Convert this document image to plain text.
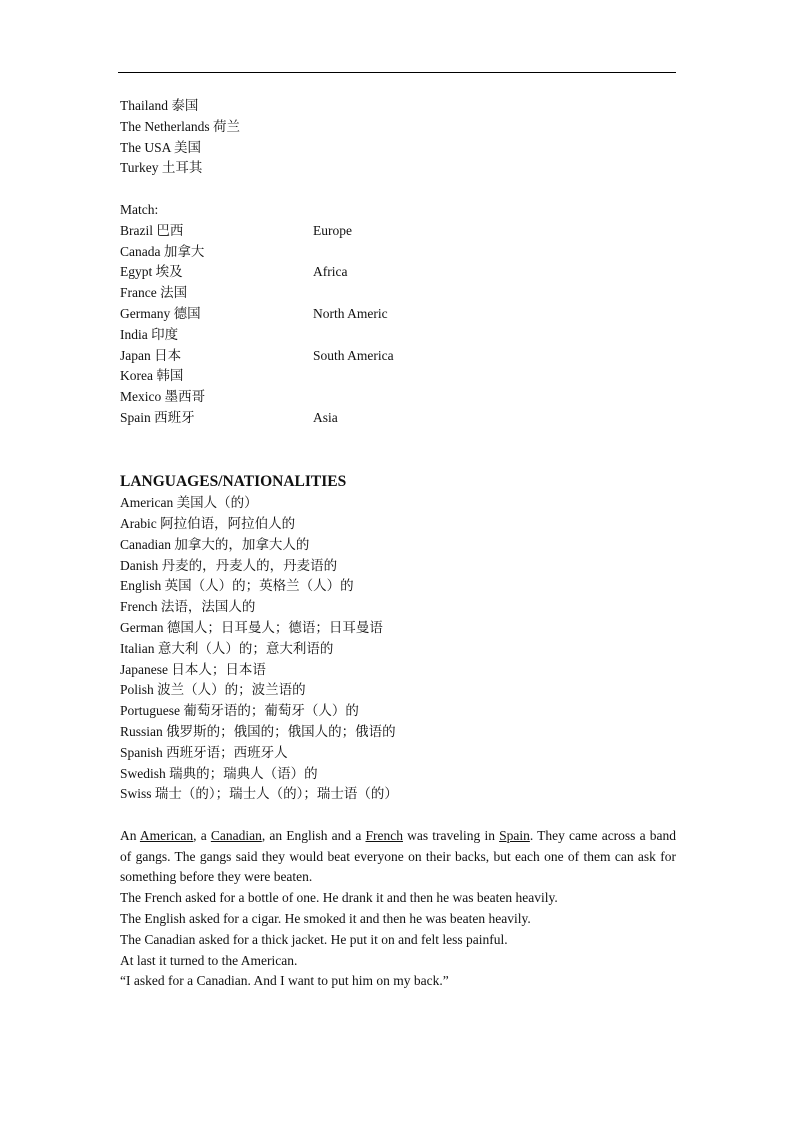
Thailand 泰国
The Netherlands 荷兰
The USA 美国
Turkey 土耳其
Match:
Brazil 巴西	Europe
Canada 加拿大
Egypt 埃及	Africa
France 法国
Germany 德国	North Americ
India 印度
Japan 日本	South America
Korea 韩国
Mexico 墨西哥
Spain 西班牙	Asia
LANGUAGES/NATIONALITIES
American 美国人（的）
Arabic 阿拉伯语，阿拉伯人的
Canadian 加拿大的，加拿大人的
Danish 丹麦的，丹麦人的，丹麦语的
English 英国（人）的；英格兰（人）的
French 法语，法国人的
German 德国人；日耳曼人；德语；日耳曼语
Italian 意大利（人）的；意大利语的
Japanese 日本人；日本语
Polish 波兰（人）的；波兰语的
Portuguese 葡萄牙语的；葡萄牙（人）的
Russian 俄罗斯的；俄国的；俄国人的；俄语的
Spanish 西班牙语；西班牙人
Swedish 瑞典的；瑞典人（语）的
Swiss 瑞士（的）；瑞士人（的）；瑞士语（的）
An American, a Canadian, an English and a French was traveling in Spain. They came across a band of gangs. The gangs said they would beat everyone on their backs, but each one of them can ask for something before they were beaten.
The French asked for a bottle of one. He drank it and then he was beaten heavily.
The English asked for a cigar. He smoked it and then he was beaten heavily.
The Canadian asked for a thick jacket. He put it on and felt less painful.
At last it turned to the American.
“I asked for a Canadian. And I want to put him on my back.”
